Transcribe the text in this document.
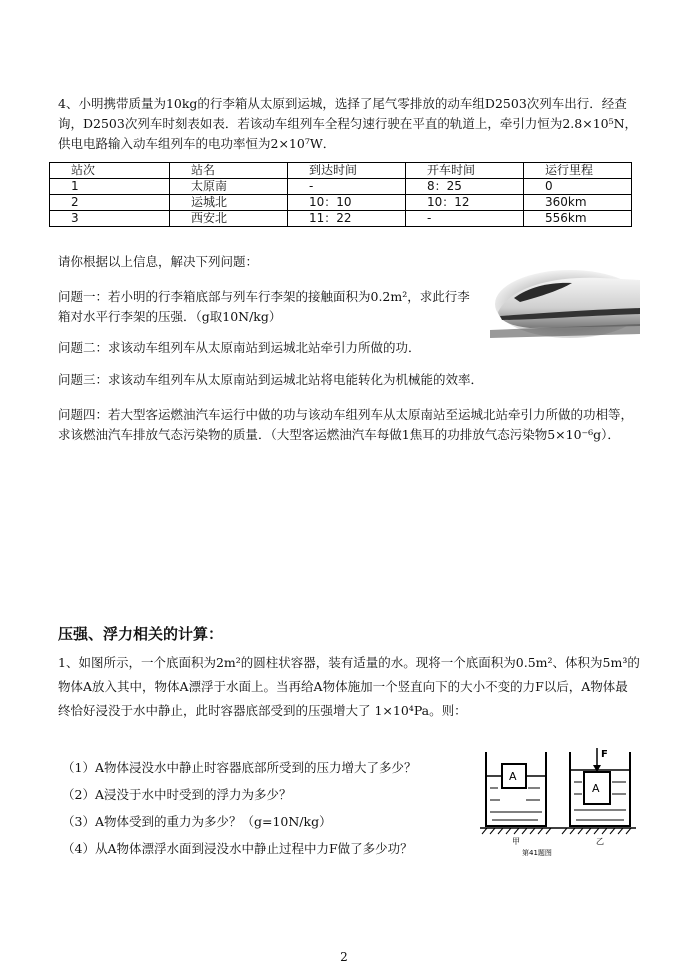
4、小明携带质量为10kg的行李箱从太原到运城，选择了尾气零排放的动车组D2503次列车出行．经查询，D2503次列车时刻表如表．若该动车组列车全程匀速行驶在平直的轨道上，牵引力恒为2.8×10⁵N，供电电路输入动车组列车的电功率恒为2×10⁷W．
站次	站名	到达时间	开车时间	运行里程
1	太原南	-	8：25	0
2	运城北	10：10	10：12	360km
3	西安北	11：22	-	556km
请你根据以上信息，解决下列问题：
问题一：若小明的行李箱底部与列车行李架的接触面积为0.2m²，求此行李箱对水平行李架的压强．（g取10N/kg）
问题二：求该动车组列车从太原南站到运城北站牵引力所做的功．
问题三：求该动车组列车从太原南站到运城北站将电能转化为机械能的效率．
问题四：若大型客运燃油汽车运行中做的功与该动车组列车从太原南站至运城北站牵引力所做的功相等，求该燃油汽车排放气态污染物的质量．（大型客运燃油汽车每做1焦耳的功排放气态污染物5×10⁻⁶g）．
压强、浮力相关的计算：
1、如图所示，一个底面积为2m²的圆柱状容器，装有适量的水。现将一个底面积为0.5m²、体积为5m³的物体A放入其中，物体A漂浮于水面上。当再给A物体施加一个竖直向下的大小不变的力F以后，A物体最终恰好浸没于水中静止，此时容器底部受到的压强增大了 1×10⁴Pa。则：
（1）A物体浸没水中静止时容器底部所受到的压力增大了多少？
（2）A浸没于水中时受到的浮力为多少？
（3）A物体受到的重力为多少？（g=10N/kg）
（4）从A物体漂浮水面到浸没水中静止过程中力F做了多少功？
A
A
F
甲	乙
第41题图
2
